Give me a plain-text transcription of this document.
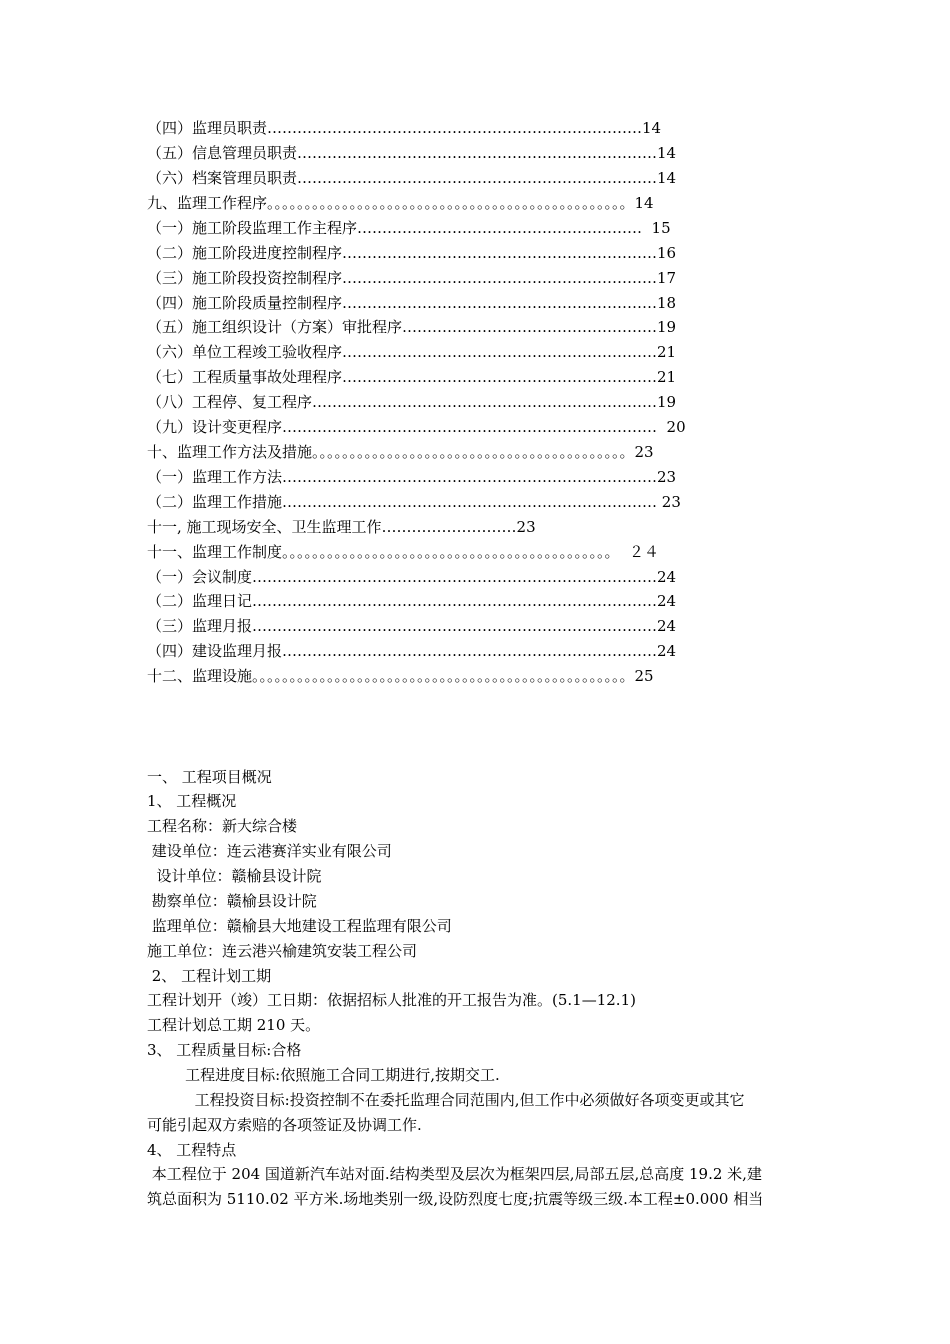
（四）监理员职责…………………………………………………………………14
（五）信息管理员职责………………………………………………………………14
（六）档案管理员职责………………………………………………………………14
九、监理工作程序。。。。。。。。。。。。。。。。。。。。。。。。。。。。。。。。。。。。。。。。。。。。。。。。14
（一）施工阶段监理工作主程序…………………………………………………  15
（二）施工阶段进度控制程序………………………………………………………16
（三）施工阶段投资控制程序………………………………………………………17
（四）施工阶段质量控制程序………………………………………………………18
（五）施工组织设计（方案）审批程序……………………………………………19
（六）单位工程竣工验收程序………………………………………………………21
（七）工程质量事故处理程序………………………………………………………21
（八）工程停、复工程序……………………………………………………………19
（九）设计变更程序…………………………………………………………………  20
十、监理工作方法及措施。。。。。。。。。。。。。。。。。。。。。。。。。。。。。。。。。。。。。。。。。。23
（一）监理工作方法…………………………………………………………………23
（二）监理工作措施………………………………………………………………… 23
十一, 施工现场安全、卫生监理工作………………………23
十一、监理工作制度。。。。。。。。。。。。。。。。。。。。。。。。。。。。。。。。。。。。。。。。。。。。  ２４
（一）会议制度………………………………………………………………………24
（二）监理日记………………………………………………………………………24
（三）监理月报………………………………………………………………………24
（四）建设监理月报…………………………………………………………………24
十二、监理设施。。。。。。。。。。。。。。。。。。。。。。。。。。。。。。。。。。。。。。。。。。。。。。。。。。25
一、 工程项目概况
1、 工程概况
工程名称：新大综合楼
建设单位：连云港赛洋实业有限公司
设计单位：赣榆县设计院
勘察单位：赣榆县设计院
监理单位：赣榆县大地建设工程监理有限公司
施工单位：连云港兴榆建筑安装工程公司
2、 工程计划工期
工程计划开（竣）工日期：依据招标人批准的开工报告为准。(5.1—12.1)
工程计划总工期 210 天。
3、 工程质量目标:合格
工程进度目标:依照施工合同工期进行,按期交工.
工程投资目标:投资控制不在委托监理合同范围内,但工作中必须做好各项变更或其它
可能引起双方索赔的各项签证及协调工作.
4、 工程特点
本工程位于 204 国道新汽车站对面.结构类型及层次为框架四层,局部五层,总高度 19.2 米,建
筑总面积为 5110.02 平方米.场地类别一级,设防烈度七度;抗震等级三级.本工程±0.000 相当
